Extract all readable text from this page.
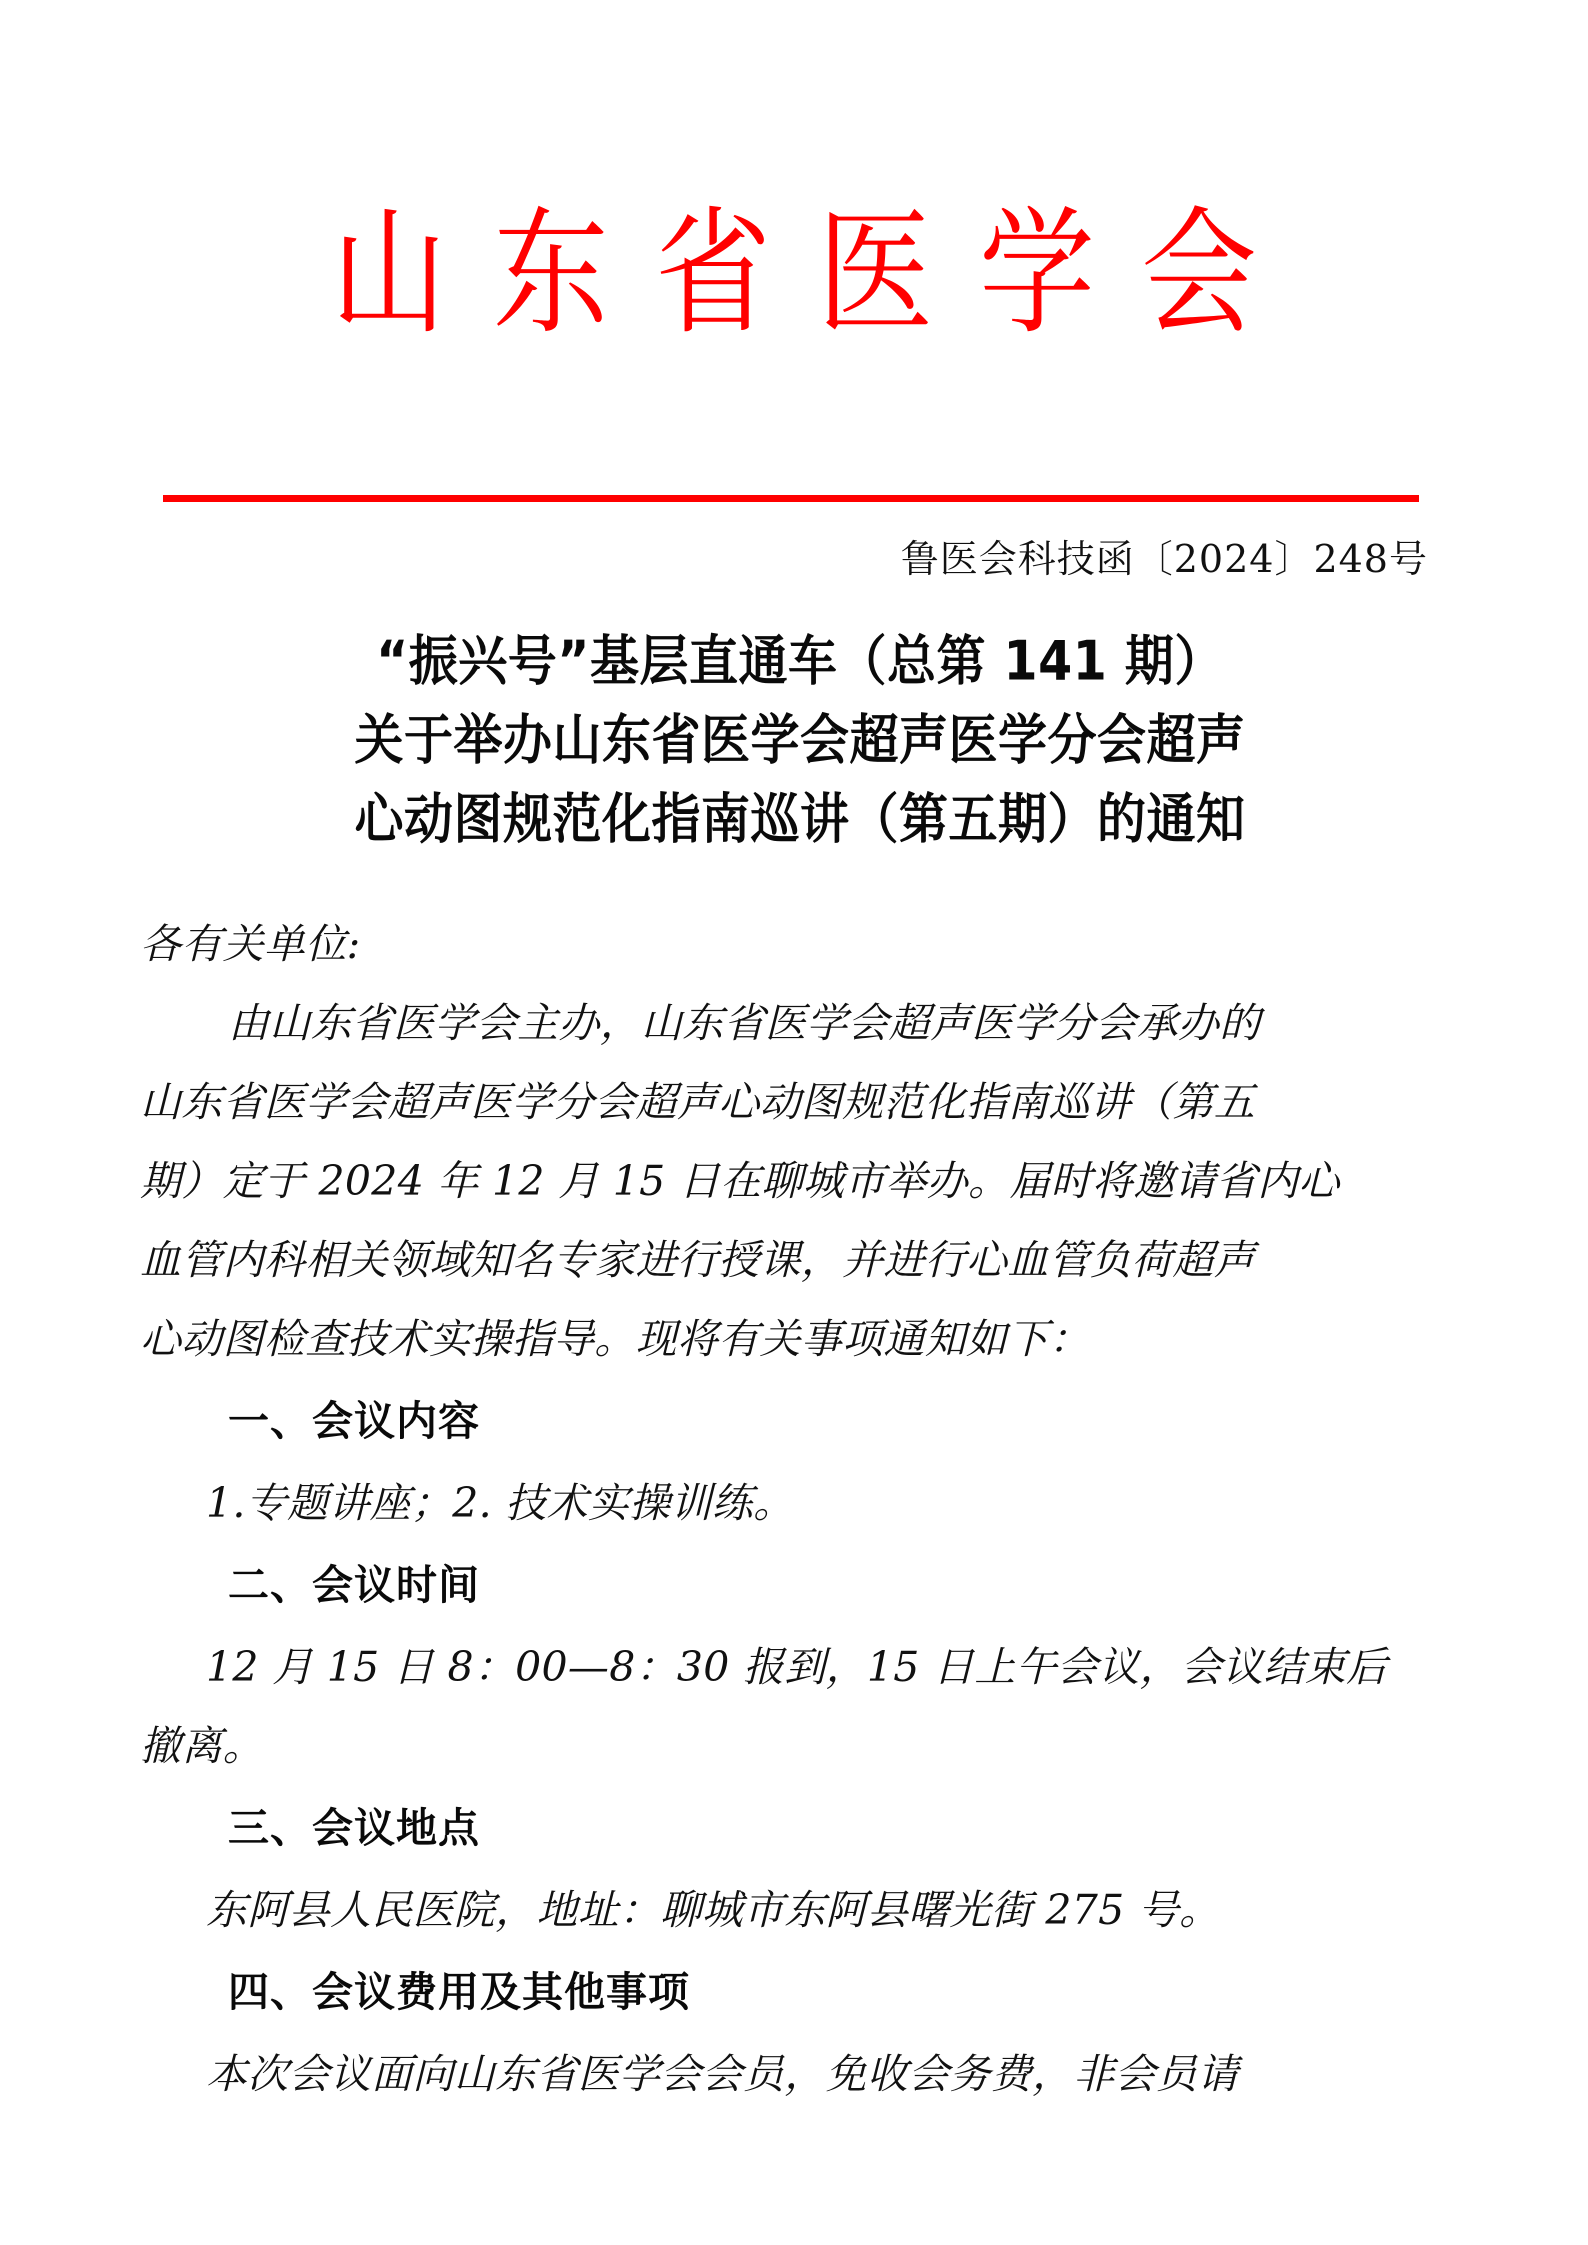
山东省医学会
鲁医会科技函〔2024〕248号
“振兴号”基层直通车（总第 141 期）
关于举办山东省医学会超声医学分会超声
心动图规范化指南巡讲（第五期）的通知
各有关单位:
由山东省医学会主办，山东省医学会超声医学分会承办的
山东省医学会超声医学分会超声心动图规范化指南巡讲（第五
期）定于 2024 年 12 月 15 日在聊城市举办。届时将邀请省内心
血管内科相关领域知名专家进行授课，并进行心血管负荷超声
心动图检查技术实操指导。现将有关事项通知如下：
一、会议内容
1.专题讲座；2. 技术实操训练。
二、会议时间
12 月 15 日 8：00—8：30 报到，15 日上午会议，会议结束后
撤离。
三、会议地点
东阿县人民医院，地址：聊城市东阿县曙光街 275 号。
四、会议费用及其他事项
本次会议面向山东省医学会会员，免收会务费，非会员请
